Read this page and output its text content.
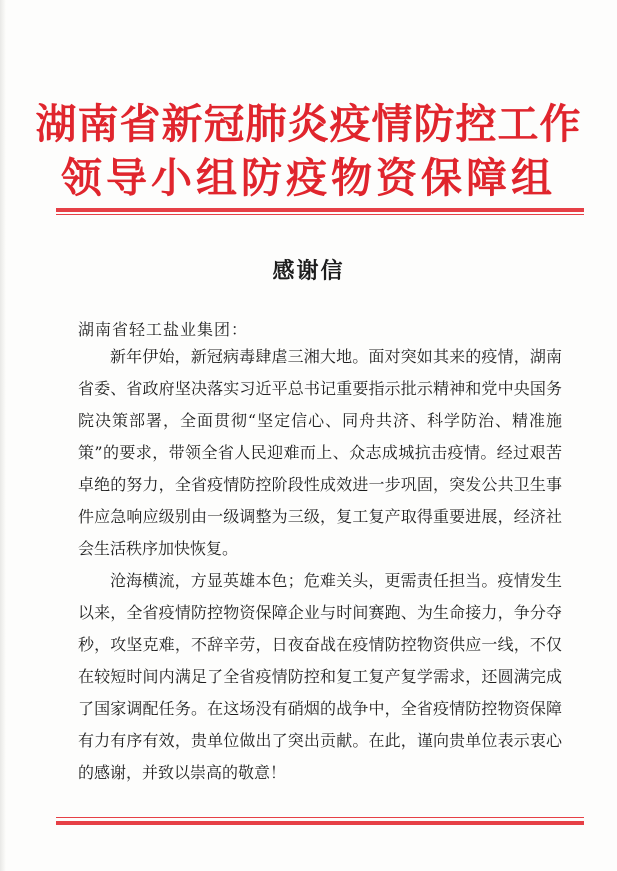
湖南省新冠肺炎疫情防控工作
领导小组防疫物资保障组
感谢信
湖南省轻工盐业集团：

新年伊始，新冠病毒肆虐三湘大地。面对突如其来的疫情，湖南省委、省政府坚决落实习近平总书记重要指示批示精神和党中央国务院决策部署，全面贯彻“坚定信心、同舟共济、科学防治、精准施策”的要求，带领全省人民迎难而上、众志成城抗击疫情。经过艰苦卓绝的努力，全省疫情防控阶段性成效进一步巩固，突发公共卫生事件应急响应级别由一级调整为三级，复工复产取得重要进展，经济社会生活秩序加快恢复。

沧海横流，方显英雄本色；危难关头，更需责任担当。疫情发生以来，全省疫情防控物资保障企业与时间赛跑、为生命接力，争分夺秒，攻坚克难，不辞辛劳，日夜奋战在疫情防控物资供应一线，不仅在较短时间内满足了全省疫情防控和复工复产复学需求，还圆满完成了国家调配任务。在这场没有硝烟的战争中，全省疫情防控物资保障有力有序有效，贵单位做出了突出贡献。在此，谨向贵单位表示衷心的感谢，并致以崇高的敬意！
